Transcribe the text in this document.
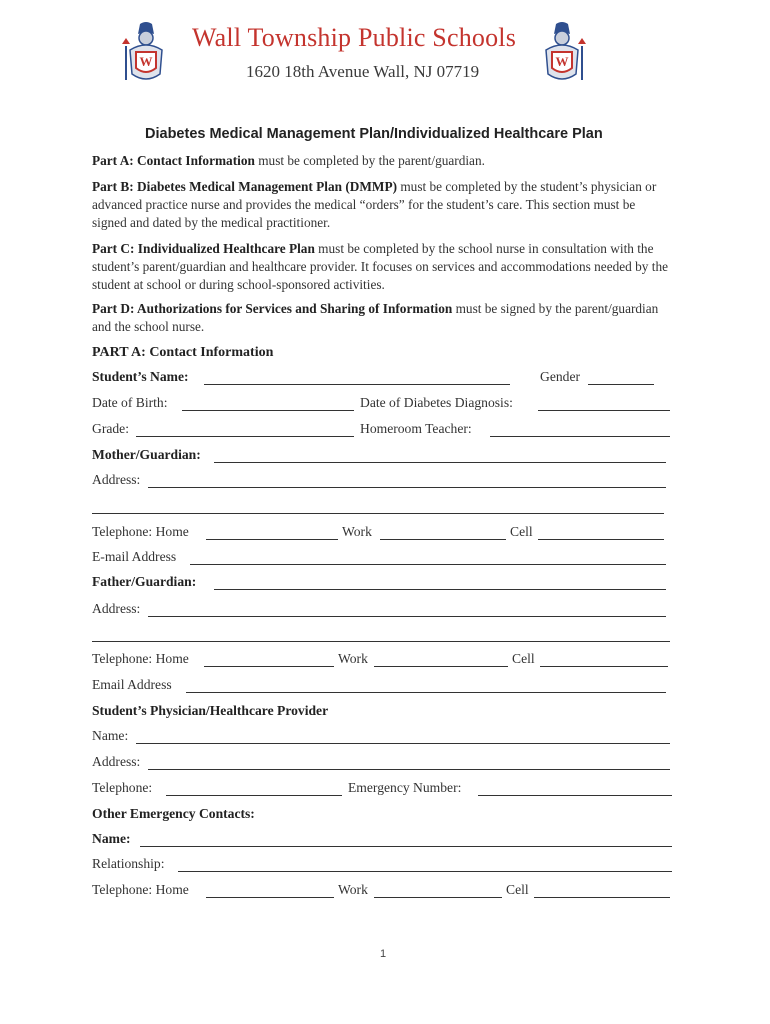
W
Wall Township Public Schools
1620 18th Avenue Wall, NJ 07719
W
Diabetes Medical Management Plan/Individualized Healthcare Plan
Part A: Contact Information must be completed by the parent/guardian.
Part B: Diabetes Medical Management Plan (DMMP) must be completed by the student’s physician or advanced practice nurse and provides the medical “orders” for the student’s care. This section must be signed and dated by the medical practitioner.
Part C: Individualized Healthcare Plan must be completed by the school nurse in consultation with the student’s parent/guardian and healthcare provider. It focuses on services and accommodations needed by the student at school or during school-sponsored activities.
Part D: Authorizations for Services and Sharing of Information must be signed by the parent/guardian and the school nurse.
PART A: Contact Information
Student’s Name:	Gender
Date of Birth:	Date of Diabetes Diagnosis:
Grade:	Homeroom Teacher:
Mother/Guardian:
Address:
Telephone: Home	Work	Cell
E-mail Address
Father/Guardian:
Address:
Telephone: Home	Work	Cell
Email Address
Student’s Physician/Healthcare Provider
Name:
Address:
Telephone:	Emergency Number:
Other Emergency Contacts:
Name:
Relationship:
Telephone: Home	Work	Cell
1
